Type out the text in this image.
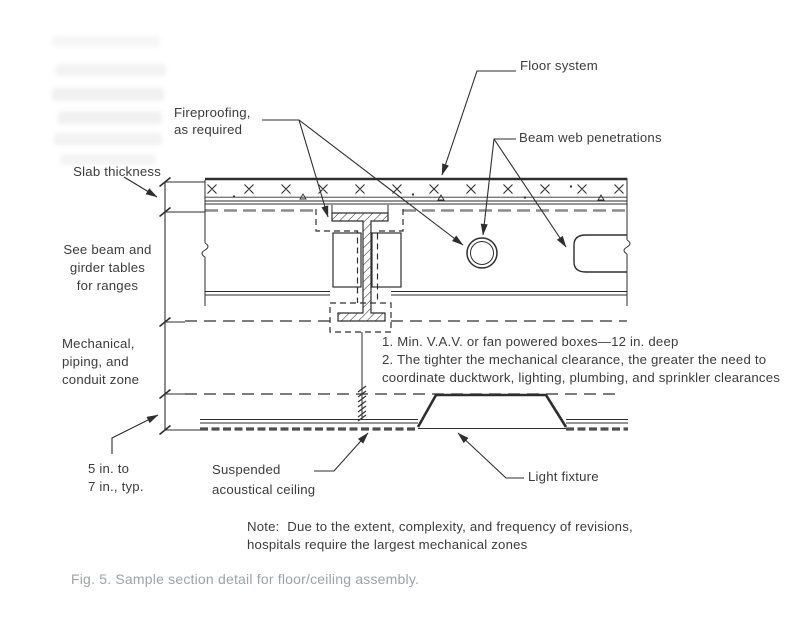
Slab thickness
Fireproofing,
as required
Floor system
Beam web penetrations
See beam and
girder tables
for ranges
Mechanical,
piping, and
conduit zone
5 in. to
7 in., typ.
Suspended
acoustical ceiling
Light fixture
1. Min. V.A.V. or fan powered boxes—12 in. deep
2. The tighter the mechanical clearance, the greater the need to
coordinate ducktwork, lighting, plumbing, and sprinkler clearances
Note:  Due to the extent, complexity, and frequency of revisions,
hospitals require the largest mechanical zones
Fig. 5. Sample section detail for floor/ceiling assembly.
